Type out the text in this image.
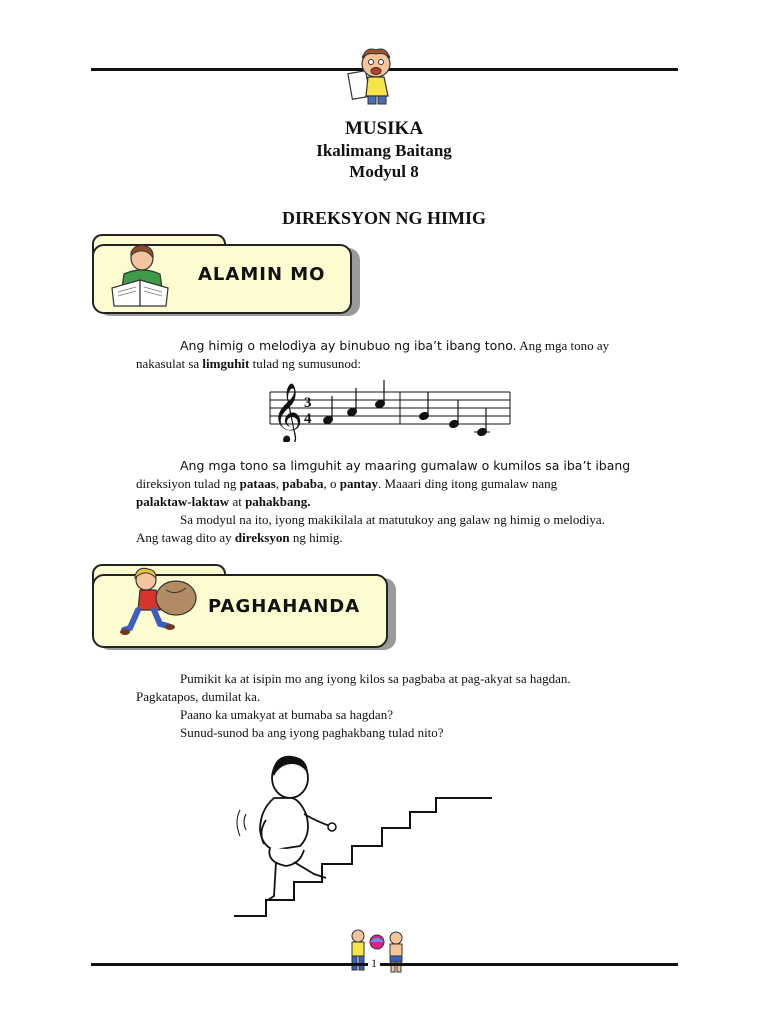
MUSIKA
Ikalimang Baitang
Modyul 8
DIREKSYON NG HIMIG
ALAMIN MO

Ang himig o melodiya ay binubuo ng iba’t ibang tono. Ang mga tono ay

nakasulat sa limguhit tulad ng sumusunod:

𝄞 3
4

Ang mga tono sa limguhit ay maaring gumalaw o kumilos sa iba’t ibang

direksiyon tulad ng pataas, pababa, o pantay. Maaari ding itong gumalaw nang

palaktaw-laktaw at pahakbang.

Sa modyul na ito, iyong makikilala at matutukoy ang galaw ng himig o melodiya.

Ang tawag dito ay direksyon ng himig.

PAGHAHANDA

Pumikit ka at isipin mo ang iyong kilos sa pagbaba at pag-akyat sa hagdan.

Pagkatapos, dumilat ka.

Paano ka umakyat at bumaba sa hagdan?

Sunud-sunod ba ang iyong paghakbang tulad nito?

1
